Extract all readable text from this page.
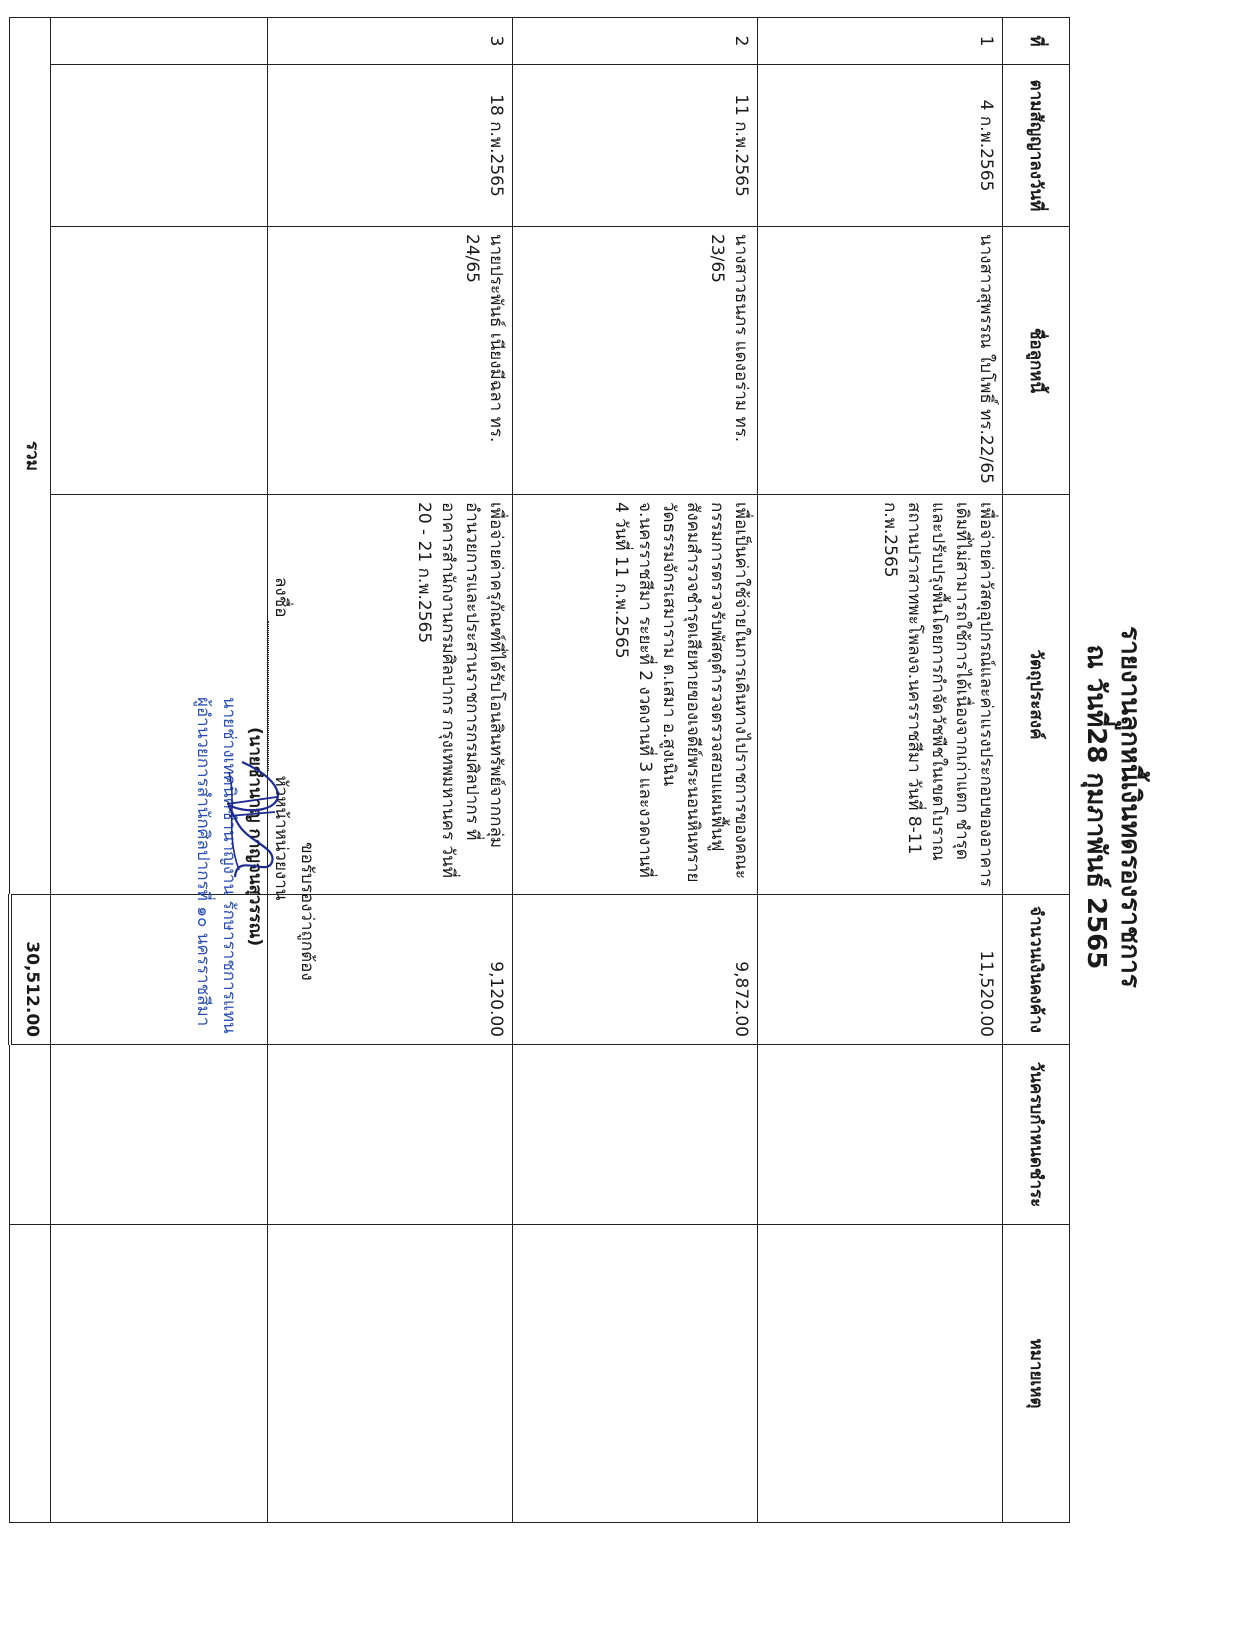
รายงานลูกหนี้เงินทดรองราชการ
ณ วันที่28 กุมภาพันธ์ 2565
ที่	ตามสัญญาลงวันที่	ชื่อลูกหนี้	วัตถุประสงค์	จำนวนเงินคงค้าง	วันครบกำหนดชำระ	หมายเหตุ
1	4 ก.พ.2565	นางสาวสุพรรณ ใบโพธิ์ ทร.22/65	เพื่อจ่ายค่าวัสดุอุปกรณ์และค่าแรงประกอบของอาคารเดิมที่ไม่สามารถใช้การได้เนื่องจากเก่าแตก ชำรุดและปรับปรุงพื้นโดยการกำจัดวัชพืชในเขตโบราณสถานปราสาทพะโพลงจ.นครราชสีมา วันที่ 8-11 ก.พ.2565	11,520.00		
2	11 ก.พ.2565	นางสาวธนภร แดงอร่าม ทร. 23/65	เพื่อเป็นค่าใช้จ่ายในการเดินทางไปราชการของคณะกรรมการตรวจรับพัสดุตำรวจตรวจสอบแผนฟื้นฟูสังคมสำรวจชำรุดเสียหายของเจดีย์พระนอนหินทรายวัดธรรมจักรเสมาราม ต.เสมา อ.สูงเนิน จ.นครราชสีมา ระยะที่ 2 งวดงานที่ 3 และงวดงานที่ 4 วันที่ 11 ก.พ.2565	9,872.00		
3	18 ก.พ.2565	นายประพันธ์ เนียงมีฉลา ทร. 24/65	เพื่อจ่ายค่าครุภัณฑ์ที่ได้รับโอนสินทรัพย์จากกลุ่มอำนวยการและประสานราชการกรมศิลปากร ที่อาคารสำนักงานกรมศิลปากร กรุงเทพมหานคร วันที่ 20 - 21 ก.พ.2565	9,120.00		

รวม				30,512.00		
ขอรับรองว่าถูกต้อง
ลงชื่อ
หัวหน้าหน่วยงาน
(นายชำนาญ กาญจนสุวรรณ)
นายช่างเทคนิคชำนาญงาน รักษาราชการแทน
ผู้อำนวยการสำนักศิลปากรที่ ๑๐ นครราชสีมา
